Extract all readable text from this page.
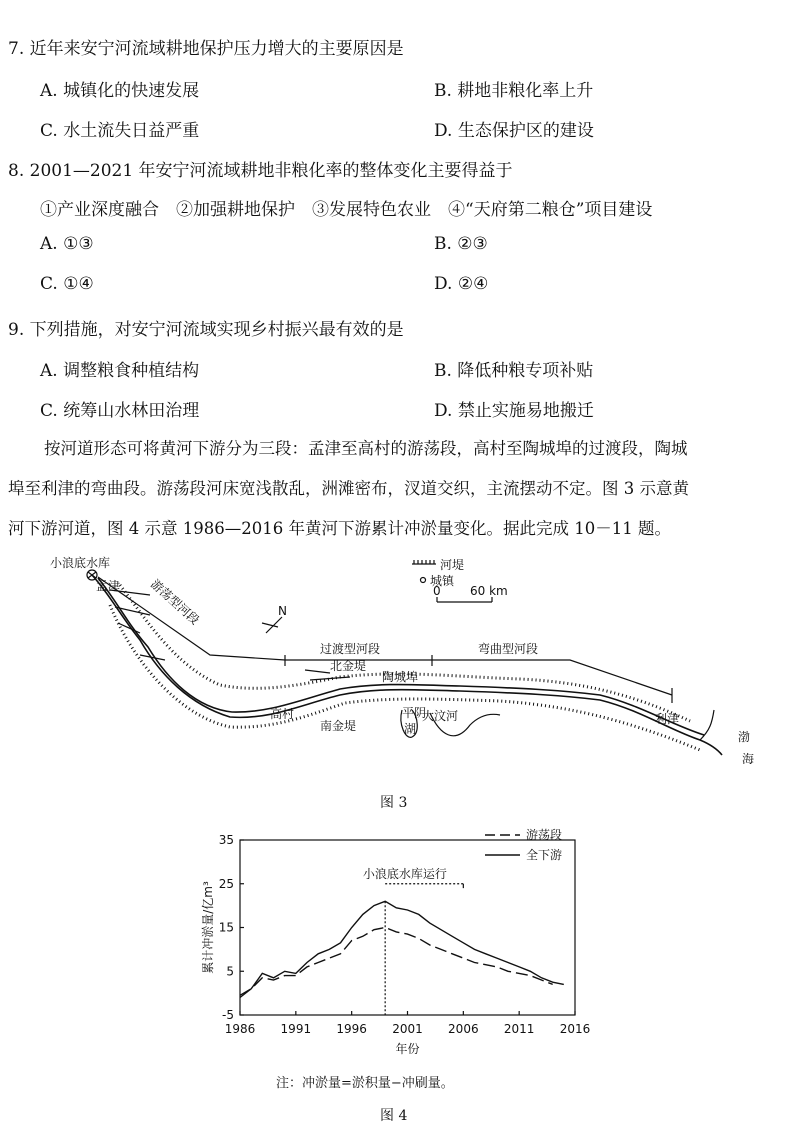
7. 近年来安宁河流域耕地保护压力增大的主要原因是
A. 城镇化的快速发展	B. 耕地非粮化率上升
C. 水土流失日益严重	D. 生态保护区的建设
8. 2001—2021 年安宁河流域耕地非粮化率的整体变化主要得益于
①产业深度融合　②加强耕地保护　③发展特色农业　④“天府第二粮仓”项目建设
A. ①③	B. ②③
C. ①④	D. ②④
9. 下列措施，对安宁河流域实现乡村振兴最有效的是
A. 调整粮食种植结构	B. 降低种粮专项补贴
C. 统筹山水林田治理	D. 禁止实施易地搬迁
按河道形态可将黄河下游分为三段：孟津至高村的游荡段，高村至陶城埠的过渡段，陶城
埠至利津的弯曲段。游荡段河床宽浅散乱，洲滩密布，汊道交织，主流摆动不定。图 3 示意黄
河下游河道，图 4 示意 1986—2016 年黄河下游累计冲淤量变化。据此完成 10－11 题。
小浪底水库
孟津 游荡型河段
过渡型河段	弯曲型河段
北金堤
陶城埠
高村
南金堤
平阴
湖
大汶河	利津
渤
海
N
河堤
城镇
0 60 km
图 3
1986 1991 1996 2001 2006 2011 2016
-5
5
15
25
35
年份
累计冲淤量/亿m³
小浪底水库运行
游荡段
全下游
注：冲淤量=淤积量−冲刷量。
图 4
